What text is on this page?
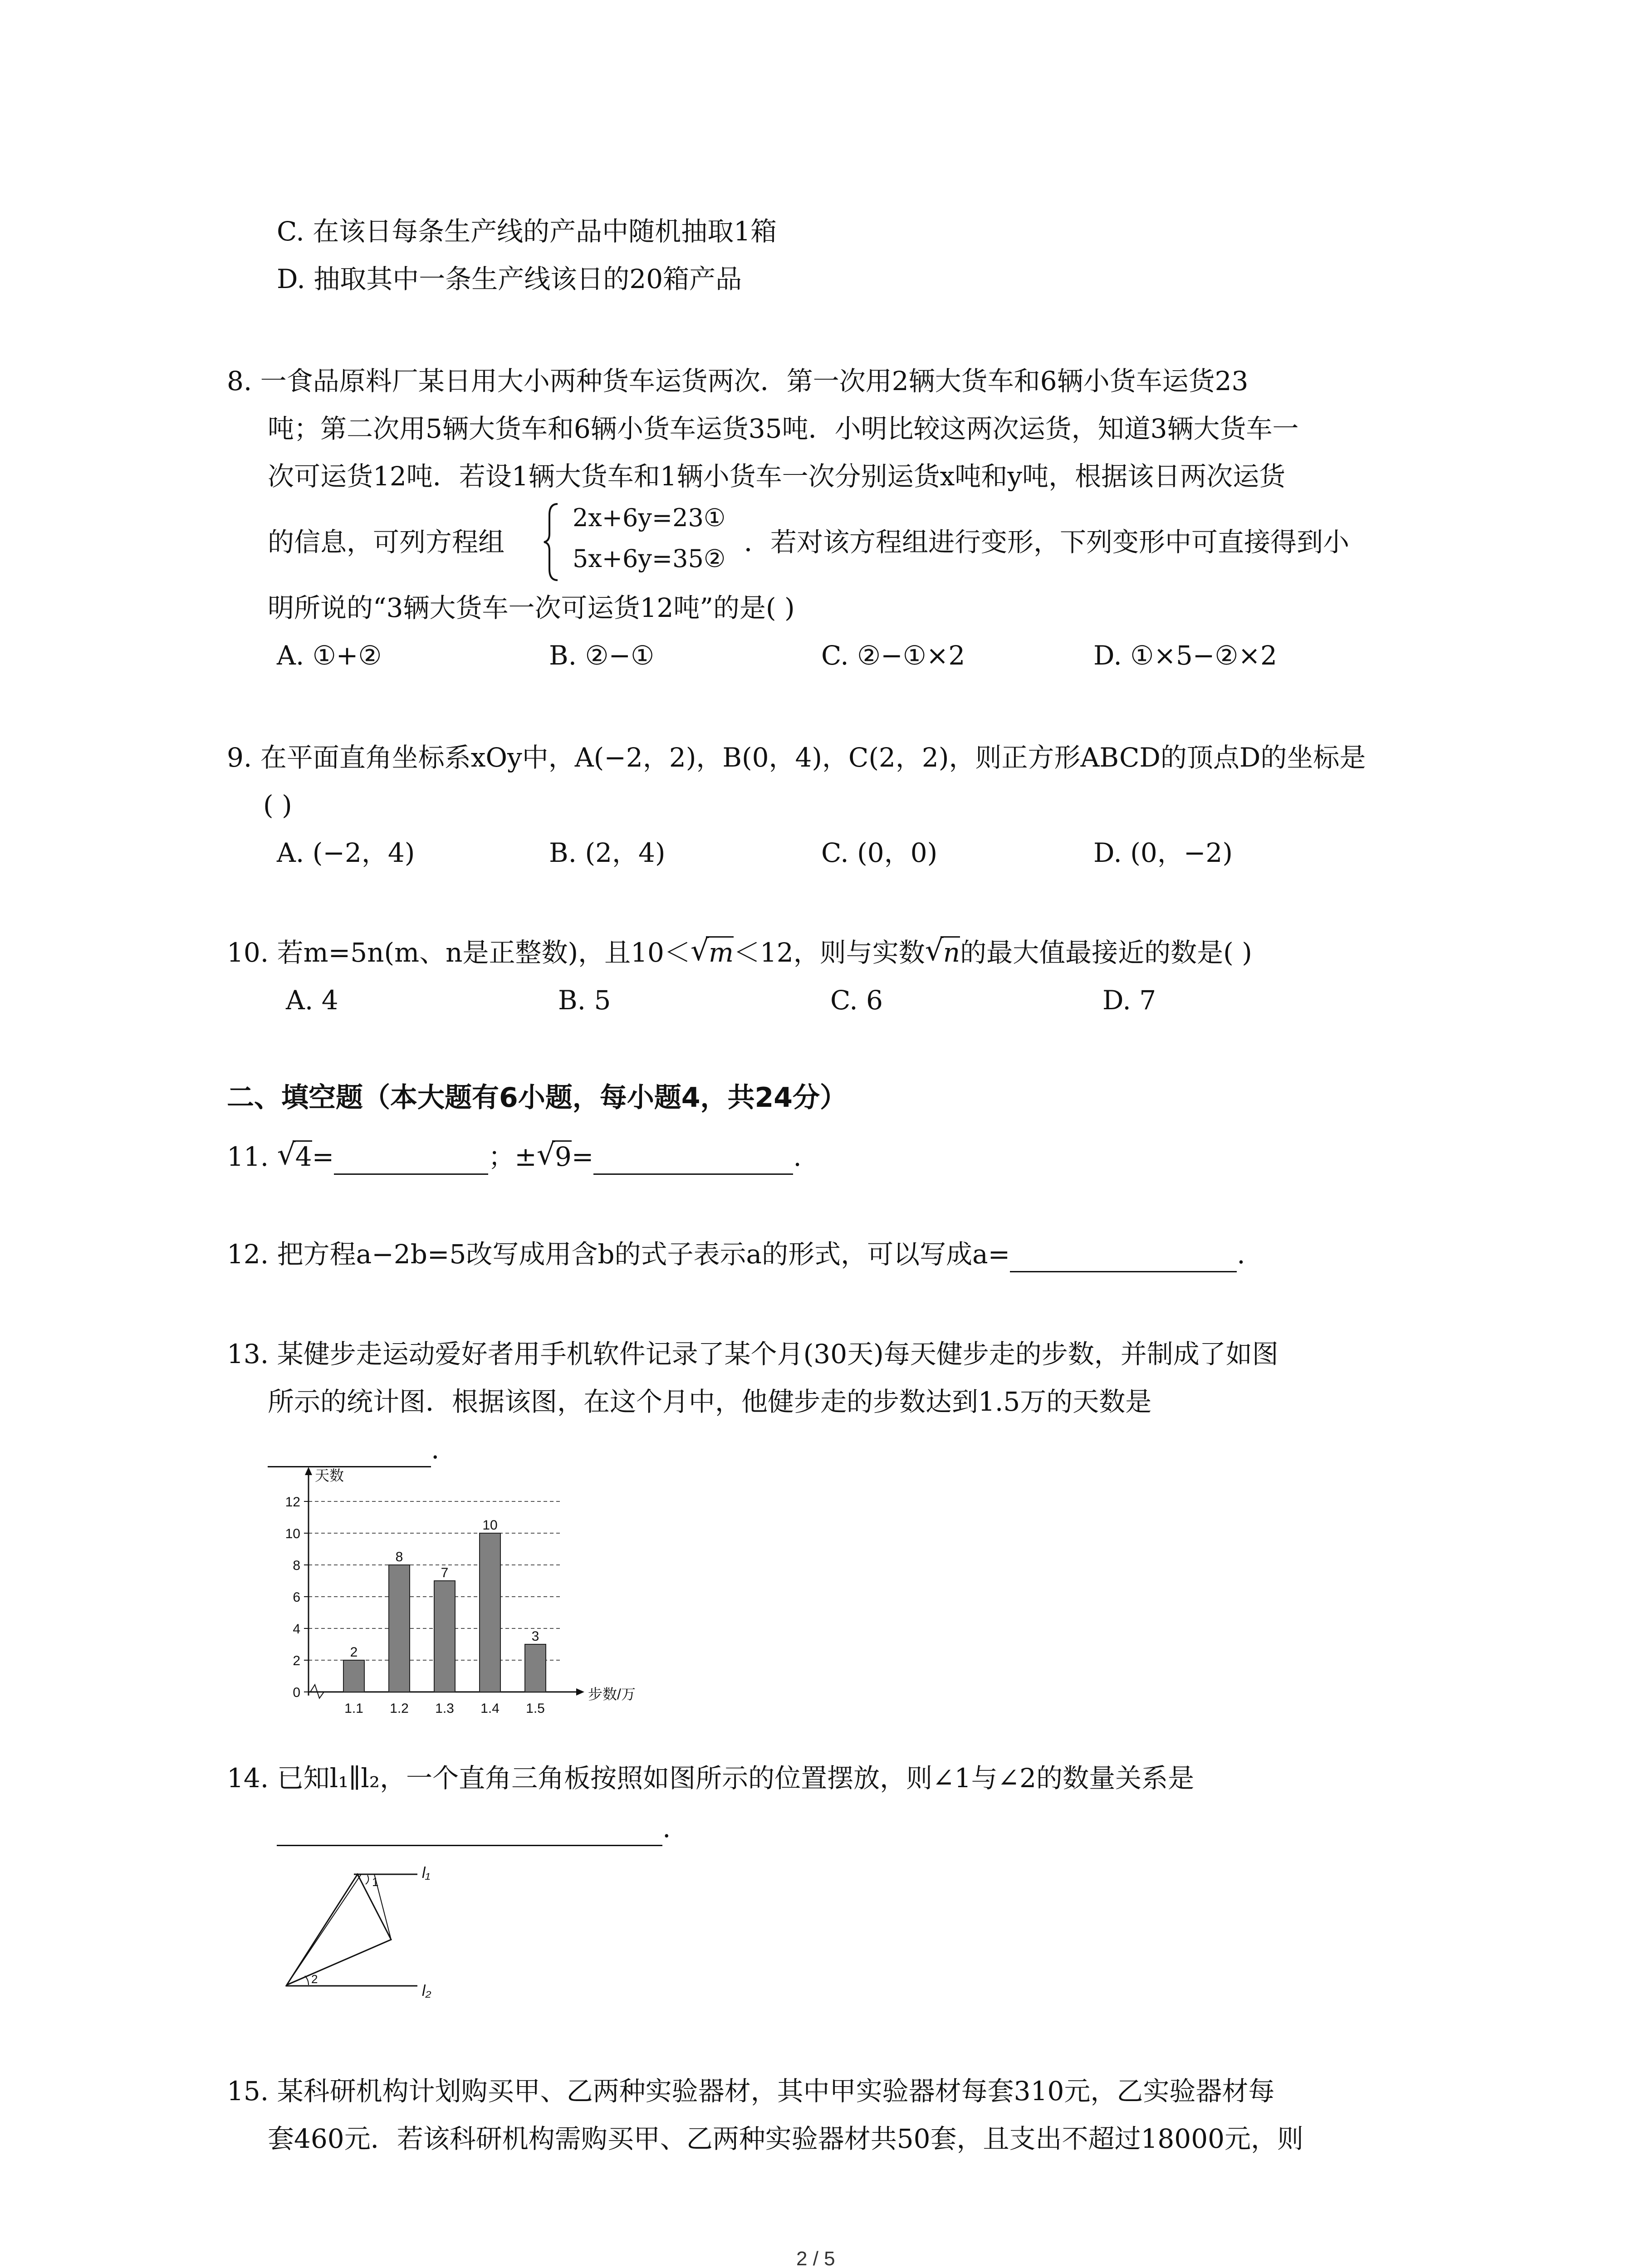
C. 在该日每条生产线的产品中随机抽取1箱
D. 抽取其中一条生产线该日的20箱产品
8. 一食品原料厂某日用大小两种货车运货两次．第一次用2辆大货车和6辆小货车运货23
吨；第二次用5辆大货车和6辆小货车运货35吨．小明比较这两次运货，知道3辆大货车一
次可运货12吨．若设1辆大货车和1辆小货车一次分别运货x吨和y吨，根据该日两次运货
的信息，可列方程组
2x+6y=23①
5x+6y=35②
．若对该方程组进行变形，下列变形中可直接得到小
明所说的“3辆大货车一次可运货12吨”的是( )
A. ①+②	B. ②−①	C. ②−①×2	D. ①×5−②×2
9. 在平面直角坐标系xOy中，A(−2，2)，B(0，4)，C(2，2)，则正方形ABCD的顶点D的坐标是
( )
A. (−2，4)	B. (2，4)	C. (0，0)	D. (0，−2)
10. 若m=5n(m、n是正整数)，且10＜ √ m＜12，则与实数 √ n的最大值最接近的数是( )
A. 4	B. 5	C. 6	D. 7
二、填空题（本大题有6小题，每小题4，共24分）
11. √ 4=	；± √ 9=	.
12. 把方程a−2b=5改写成用含b的式子表示a的形式，可以写成a=	.
13. 某健步走运动爱好者用手机软件记录了某个月(30天)每天健步走的步数，并制成了如图
所示的统计图．根据该图，在这个月中，他健步走的步数达到1.5万的天数是
.
0
2
4
6
8
10
12
天数
步数/万
2
1.1
8
1.2
7
1.3
10
1.4
3
1.5
14. 已知l₁∥l₂，一个直角三角板按照如图所示的位置摆放，则∠1与∠2的数量关系是
.
1
2
l₁
l₂
15. 某科研机构计划购买甲、乙两种实验器材，其中甲实验器材每套310元，乙实验器材每
套460元．若该科研机构需购买甲、乙两种实验器材共50套，且支出不超过18000元，则
2 / 5
